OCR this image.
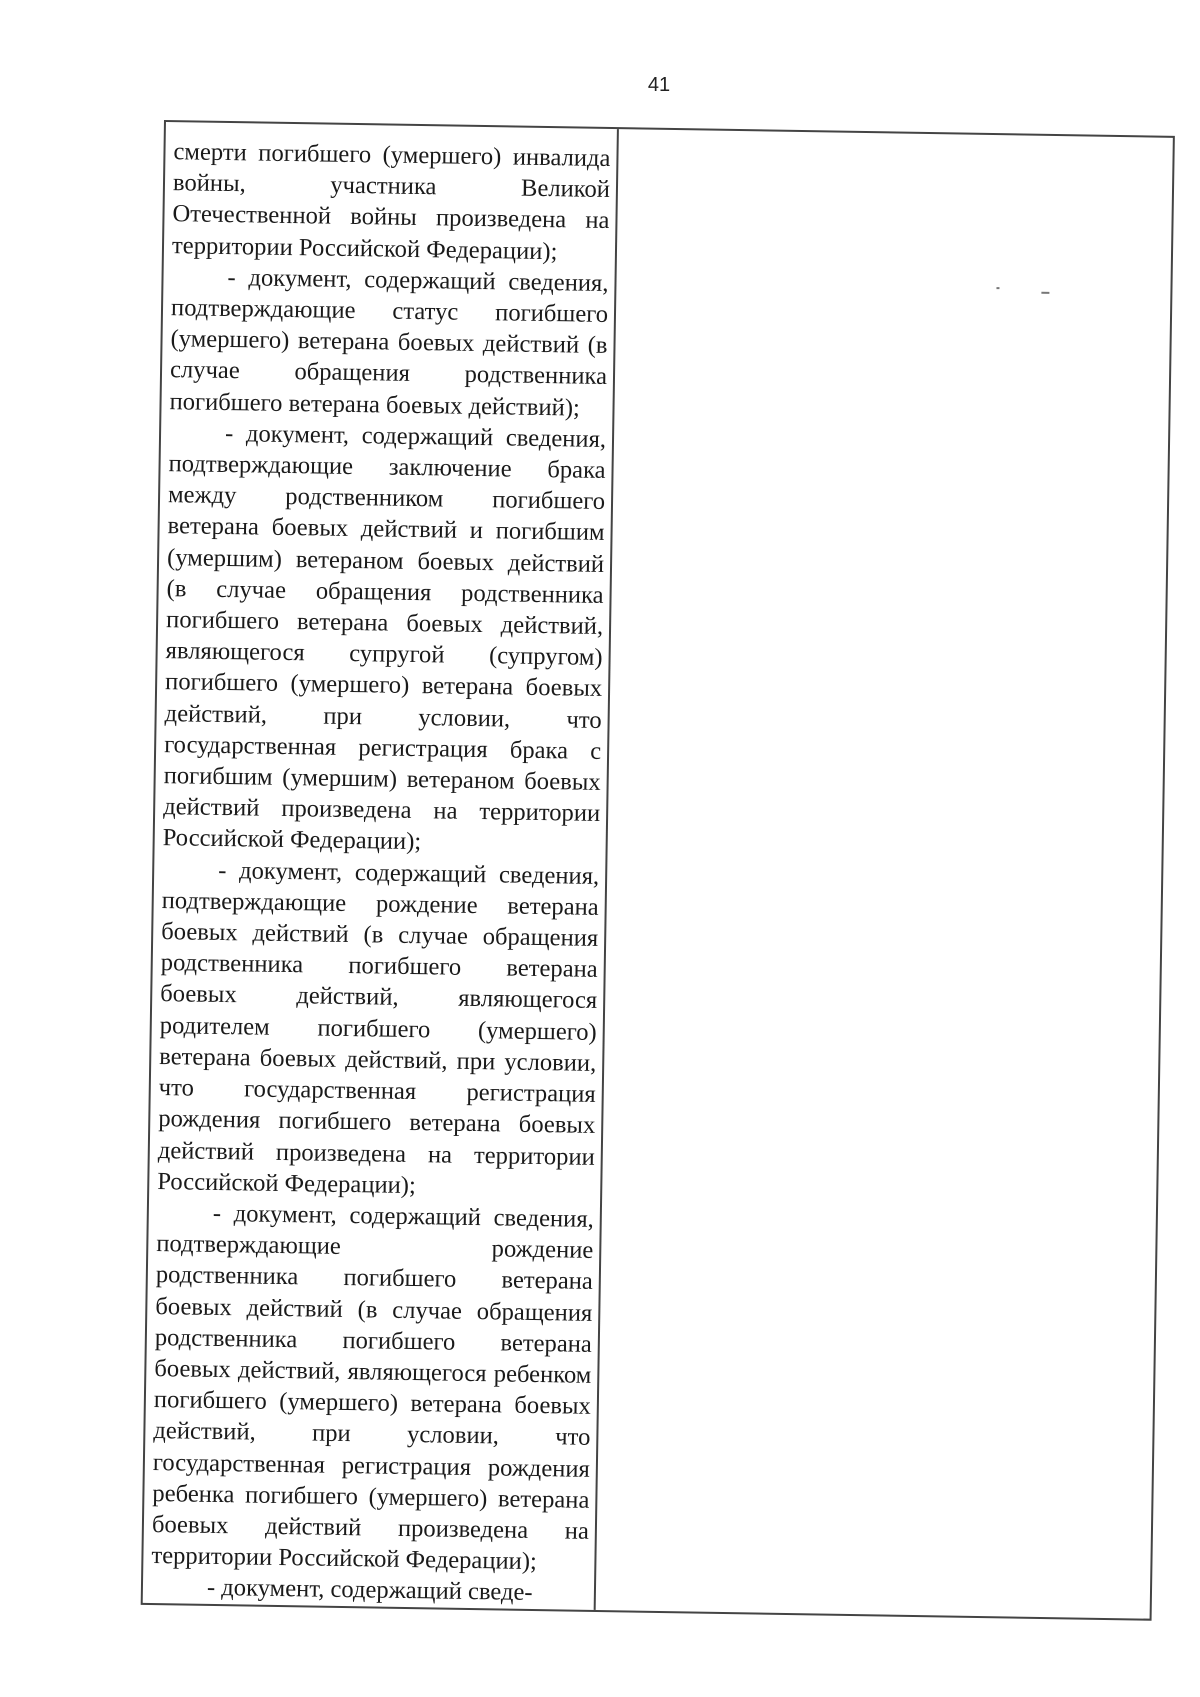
41

смерти погибшего (умершего) инвалида войны, участника Великой Отечественной войны произведена на территории Российской Федерации);

- документ, содержащий сведения, подтверждающие статус погибшего (умершего) ветерана боевых действий (в случае обращения родственника погибшего ветерана боевых действий);

- документ, содержащий сведения, подтверждающие заключение брака между родственником погибшего ветерана боевых действий и погибшим (умершим) ветераном боевых действий (в случае обращения родственника погибшего ветерана боевых действий, являющегося супругой (супругом) погибшего (умершего) ветерана боевых действий, при условии, что государственная регистрация брака с погибшим (умершим) ветераном боевых действий произведена на территории Российской Федерации);

- документ, содержащий сведения, подтверждающие рождение ветерана боевых действий (в случае обращения родственника погибшего ветерана боевых действий, являющегося родителем погибшего (умершего) ветерана боевых действий, при условии, что государственная регистрация рождения погибшего ветерана боевых действий произведена на территории Российской Федерации);

- документ, содержащий сведения, подтверждающие рождение родственника погибшего ветерана боевых действий (в случае обращения родственника погибшего ветерана боевых действий, являющегося ребенком погибшего (умершего) ветерана боевых действий, при условии, что государственная регистрация рождения ребенка погибшего (умершего) ветерана боевых действий произведена на территории Российской Федерации);

- документ, содержащий сведе-
